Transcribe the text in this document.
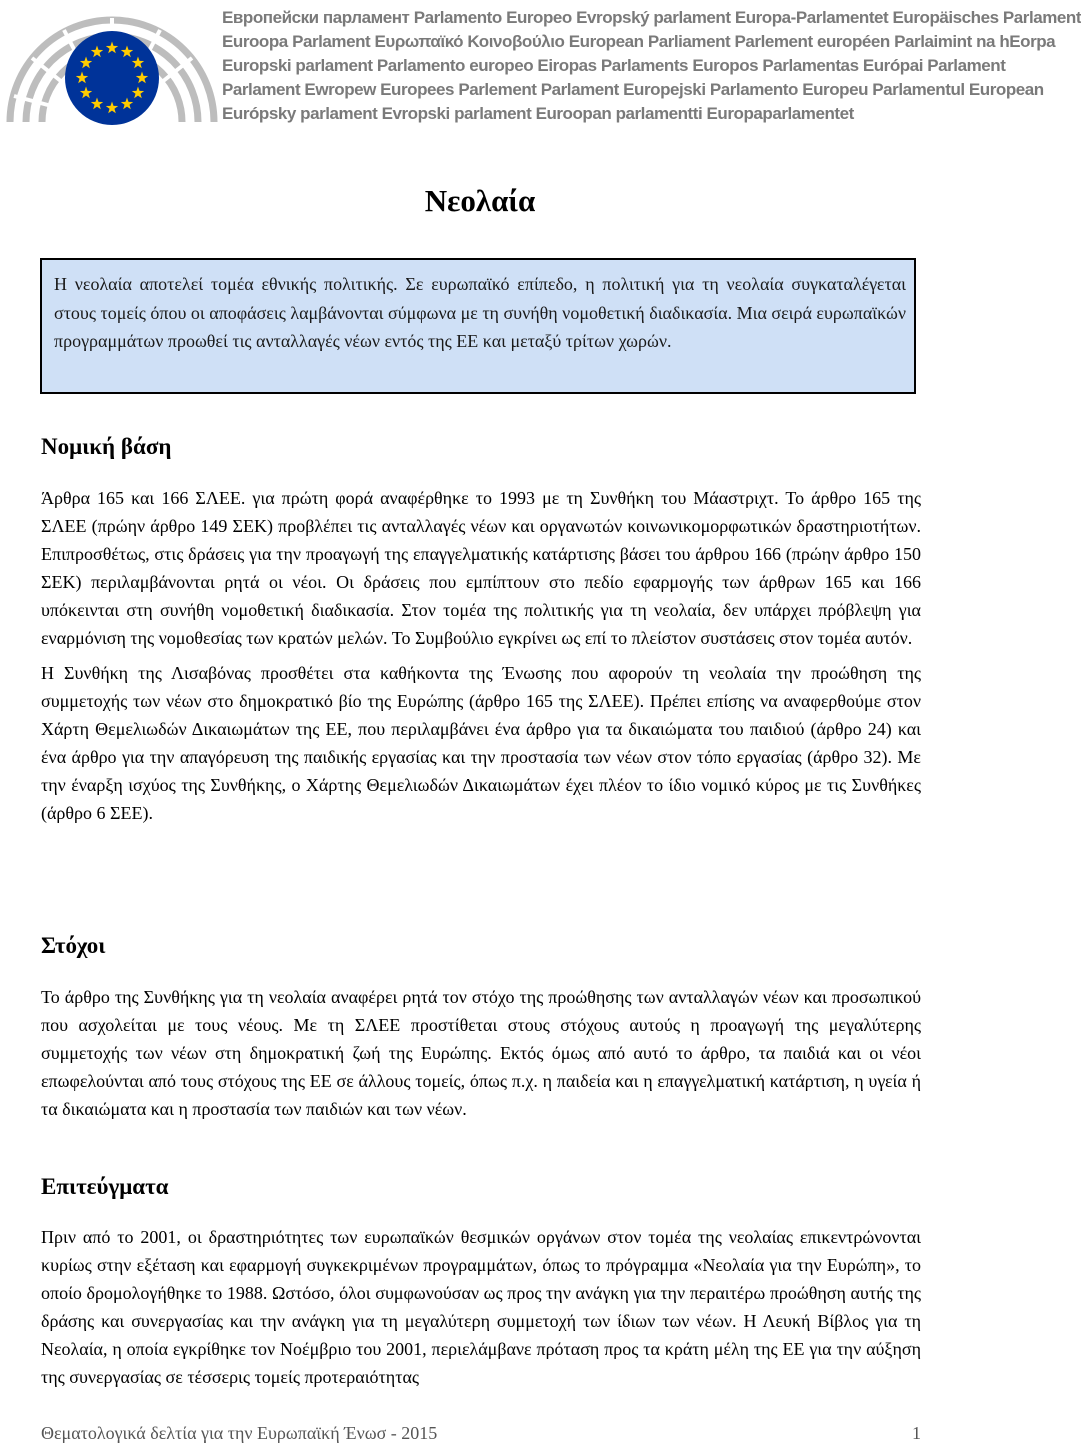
Европейски парламент Parlamento Europeo Evropský parlament Europa-Parlamentet Europäisches Parlament
Euroopa Parlament Ευρωπαϊκό Κοινοβούλιο European Parliament Parlement européen Parlaimint na hEorpa
Europski parlament Parlamento europeo Eiropas Parlaments Europos Parlamentas Európai Parlament
Parlament Ewropew Europees Parlement Parlament Europejski Parlamento Europeu Parlamentul European
Európsky parlament Evropski parlament Euroopan parlamentti Europaparlamentet
Νεολαία

Η νεολαία αποτελεί τομέα εθνικής πολιτικής. Σε ευρωπαϊκό επίπεδο, η πολιτική για τη νεολαία συγκαταλέγεται στους τομείς όπου οι αποφάσεις λαμβάνονται σύμφωνα με τη συνήθη νομοθετική διαδικασία. Μια σειρά ευρωπαϊκών προγραμμάτων προωθεί τις ανταλλαγές νέων εντός της ΕΕ και μεταξύ τρίτων χωρών.

Νομική βάση

Άρθρα 165 και 166 ΣΛΕΕ. για πρώτη φορά αναφέρθηκε το 1993 με τη Συνθήκη του Μάαστριχτ. Το άρθρο 165 της ΣΛΕΕ (πρώην άρθρο 149 ΣΕΚ) προβλέπει τις ανταλλαγές νέων και οργανωτών κοινωνικομορφωτικών δραστηριοτήτων. Επιπροσθέτως, στις δράσεις για την προαγωγή της επαγγελματικής κατάρτισης βάσει του άρθρου 166 (πρώην άρθρο 150 ΣΕΚ) περιλαμβάνονται ρητά οι νέοι. Οι δράσεις που εμπίπτουν στο πεδίο εφαρμογής των άρθρων 165 και 166 υπόκεινται στη συνήθη νομοθετική διαδικασία. Στον τομέα της πολιτικής για τη νεολαία, δεν υπάρχει πρόβλεψη για εναρμόνιση της νομοθεσίας των κρατών μελών. Το Συμβούλιο εγκρίνει ως επί το πλείστον συστάσεις στον τομέα αυτόν.

Η Συνθήκη της Λισαβόνας προσθέτει στα καθήκοντα της Ένωσης που αφορούν τη νεολαία την προώθηση της συμμετοχής των νέων στο δημοκρατικό βίο της Ευρώπης (άρθρο 165 της ΣΛΕΕ). Πρέπει επίσης να αναφερθούμε στον Χάρτη Θεμελιωδών Δικαιωμάτων της ΕΕ, που περιλαμβάνει ένα άρθρο για τα δικαιώματα του παιδιού (άρθρο 24) και ένα άρθρο για την απαγόρευση της παιδικής εργασίας και την προστασία των νέων στον τόπο εργασίας (άρθρο 32). Με την έναρξη ισχύος της Συνθήκης, ο Χάρτης Θεμελιωδών Δικαιωμάτων έχει πλέον το ίδιο νομικό κύρος με τις Συνθήκες (άρθρο 6 ΣΕΕ).

Στόχοι

Το άρθρο της Συνθήκης για τη νεολαία αναφέρει ρητά τον στόχο της προώθησης των ανταλλαγών νέων και προσωπικού που ασχολείται με τους νέους. Με τη ΣΛΕΕ προστίθεται στους στόχους αυτούς η προαγωγή της μεγαλύτερης συμμετοχής των νέων στη δημοκρατική ζωή της Ευρώπης. Εκτός όμως από αυτό το άρθρο, τα παιδιά και οι νέοι επωφελούνται από τους στόχους της ΕΕ σε άλλους τομείς, όπως π.χ. η παιδεία και η επαγγελματική κατάρτιση, η υγεία ή τα δικαιώματα και η προστασία των παιδιών και των νέων.

Επιτεύγματα

Πριν από το 2001, οι δραστηριότητες των ευρωπαϊκών θεσμικών οργάνων στον τομέα της νεολαίας επικεντρώνονται κυρίως στην εξέταση και εφαρμογή συγκεκριμένων προγραμμάτων, όπως το πρόγραμμα «Νεολαία για την Ευρώπη», το οποίο δρομολογήθηκε το 1988. Ωστόσο, όλοι συμφωνούσαν ως προς την ανάγκη για την περαιτέρω προώθηση αυτής της δράσης και συνεργασίας και την ανάγκη για τη μεγαλύτερη συμμετοχή των ίδιων των νέων. Η Λευκή Βίβλος για τη Νεολαία, η οποία εγκρίθηκε τον Νοέμβριο του 2001, περιελάμβανε πρόταση προς τα κράτη μέλη της ΕΕ για την αύξηση της συνεργασίας σε τέσσερις τομείς προτεραιότητας

Θεματολογικά δελτία για την Ευρωπαϊκή Ένωσ - 2015	1
